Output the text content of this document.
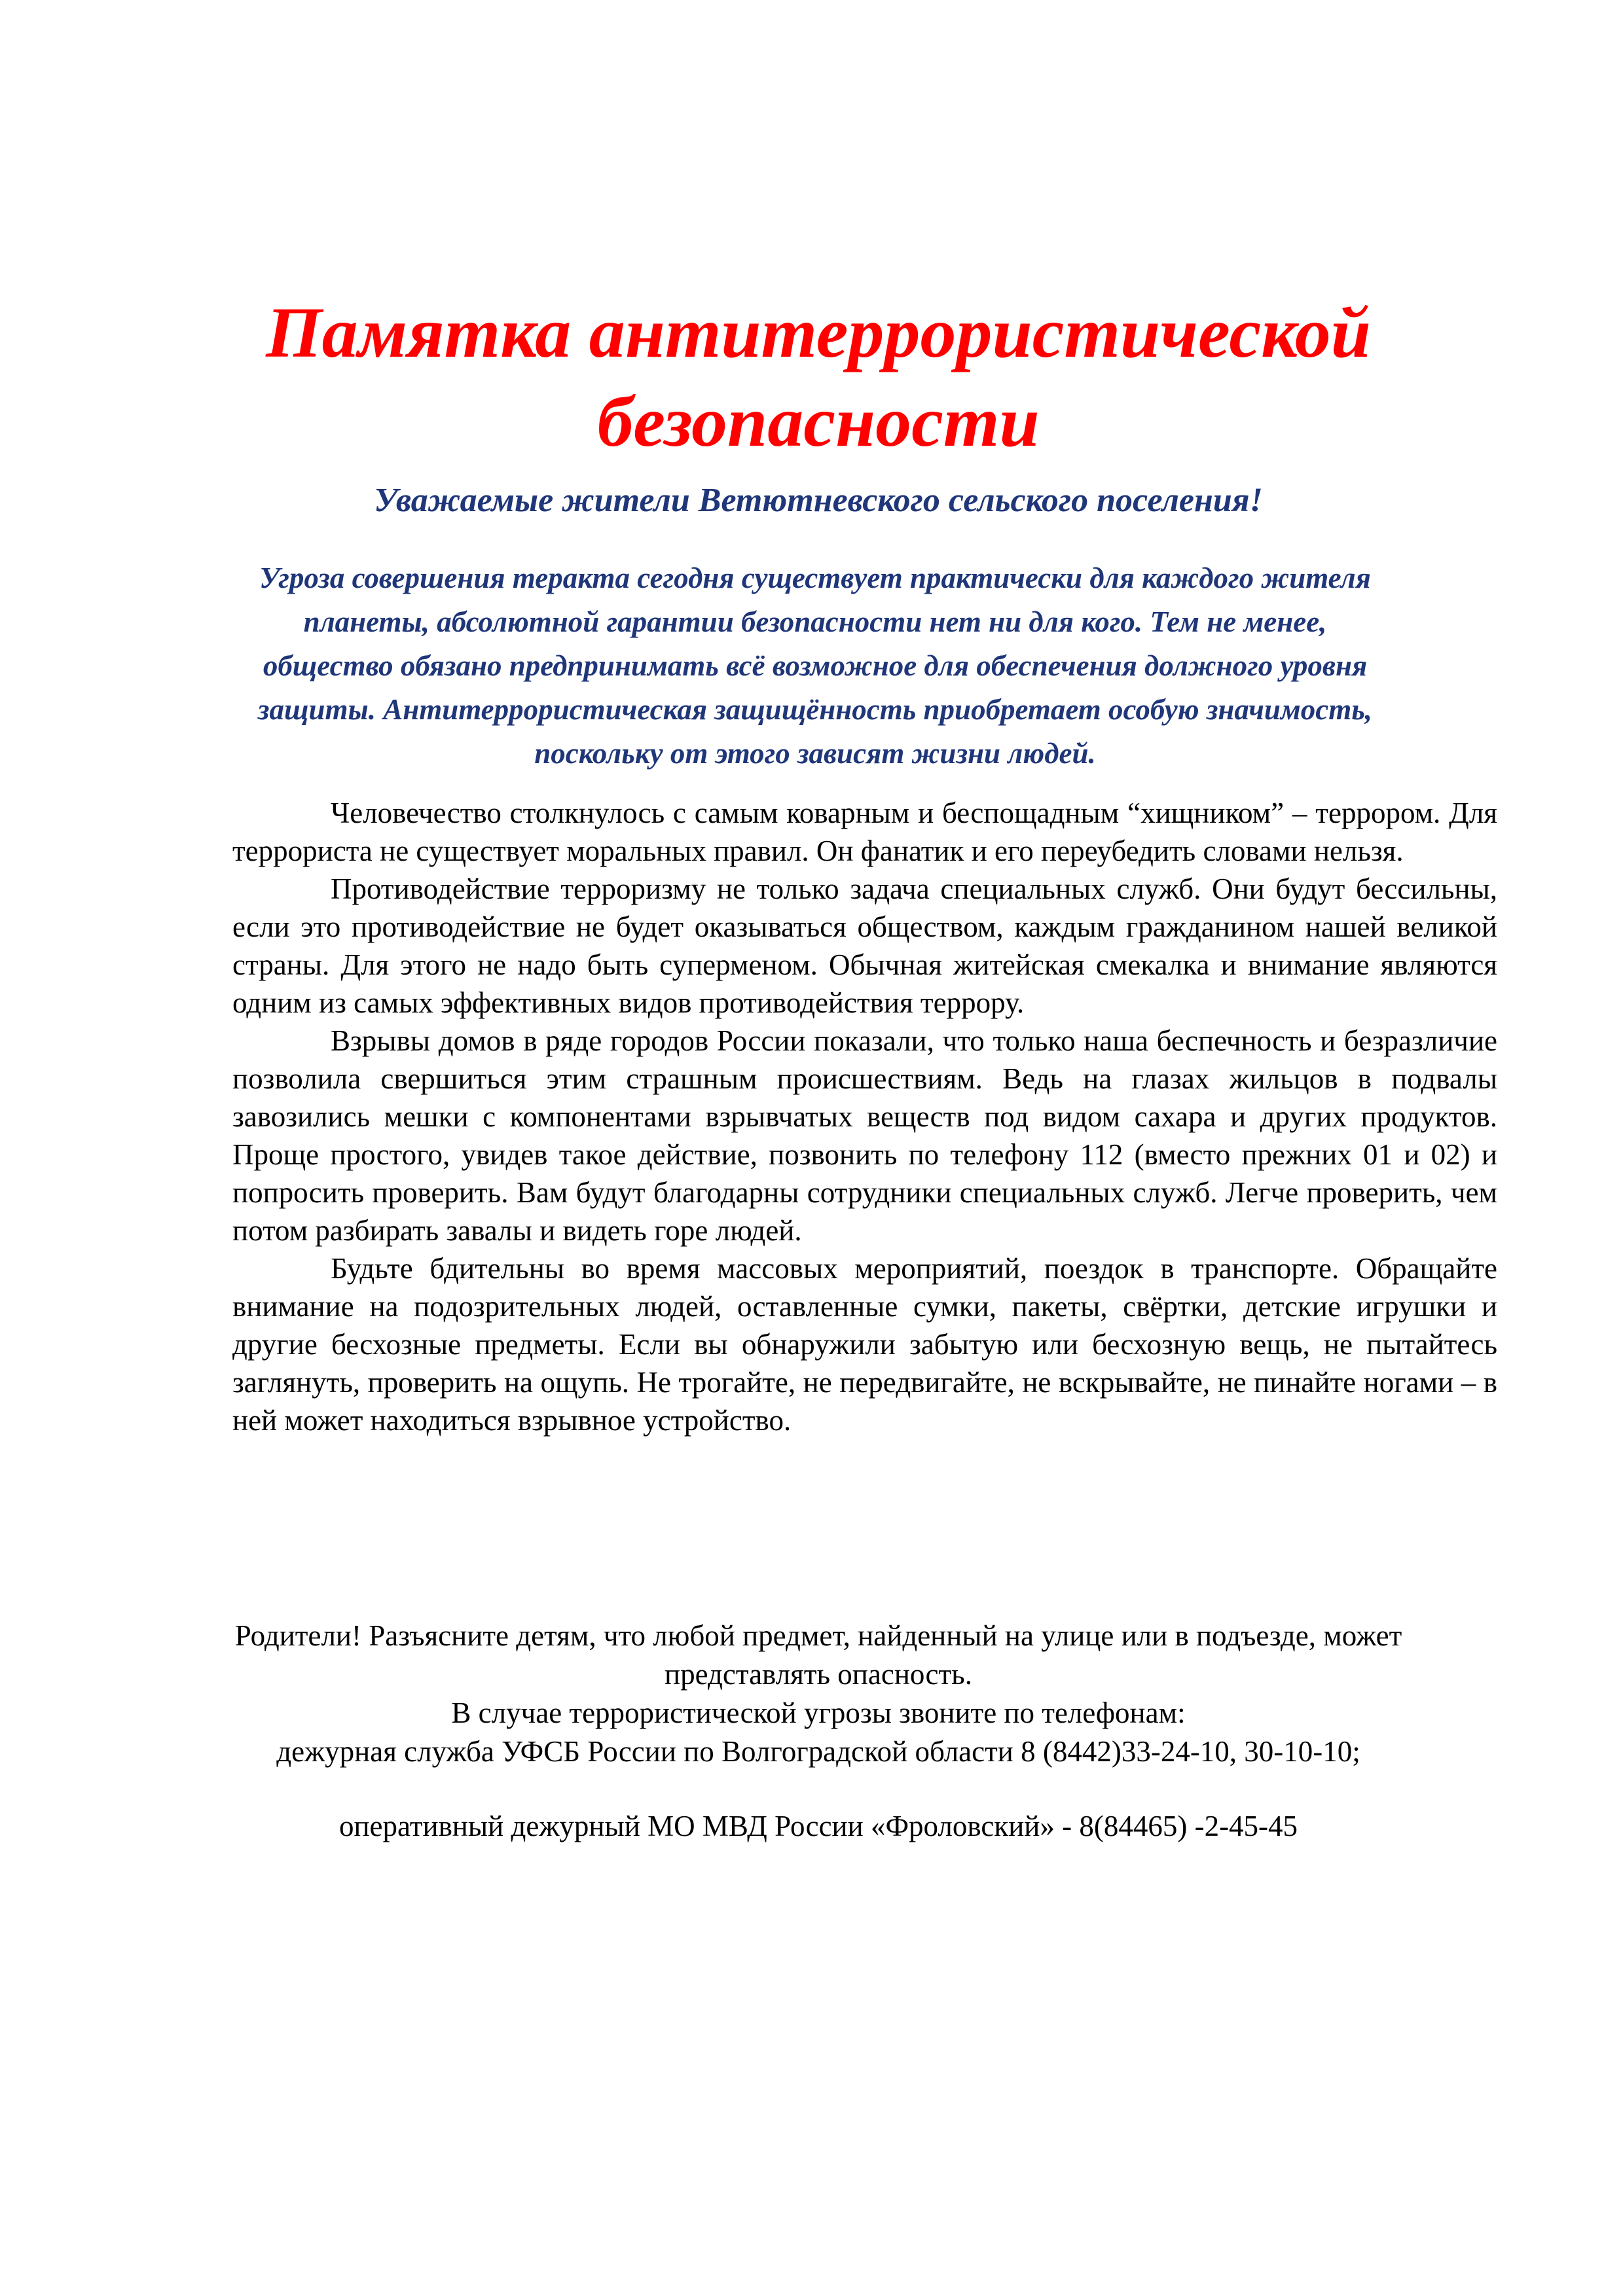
Памятка антитеррористической безопасности
Уважаемые жители Ветютневского сельского поселения!

Угроза совершения теракта сегодня существует практически для каждого жителя планеты, абсолютной гарантии безопасности нет ни для кого. Тем не менее, общество обязано предпринимать всё возможное для обеспечения должного уровня защиты. Антитеррористическая защищённость приобретает особую значимость, поскольку от этого зависят жизни людей.

Человечество столкнулось с самым коварным и беспощадным “хищником” – террором. Для террориста не существует моральных правил. Он фанатик и его переубедить словами нельзя.

Противодействие терроризму не только задача специальных служб. Они будут бессильны, если это противодействие не будет оказываться обществом, каждым гражданином нашей великой страны. Для этого не надо быть суперменом. Обычная житейская смекалка и внимание являются одним из самых эффективных видов противодействия террору.

Взрывы домов в ряде городов России показали, что только наша беспечность и безразличие позволила свершиться этим страшным происшествиям. Ведь на глазах жильцов в подвалы завозились мешки с компонентами взрывчатых веществ под видом сахара и других продуктов. Проще простого, увидев такое действие, позвонить по телефону 112 (вместо прежних 01 и 02) и попросить проверить. Вам будут благодарны сотрудники специальных служб. Легче проверить, чем потом разбирать завалы и видеть горе людей.

Будьте бдительны во время массовых мероприятий, поездок в транспорте. Обращайте внимание на подозрительных людей, оставленные сумки, пакеты, свёртки, детские игрушки и другие бесхозные предметы. Если вы обнаружили забытую или бесхозную вещь, не пытайтесь заглянуть, проверить на ощупь. Не трогайте, не передвигайте, не вскрывайте, не пинайте ногами – в ней может находиться взрывное устройство.

Родители! Разъясните детям, что любой предмет, найденный на улице или в подъезде, может представлять опасность.

В случае террористической угрозы звоните по телефонам:

дежурная служба УФСБ России по Волгоградской области 8 (8442)33-24-10, 30-10-10;

оперативный дежурный МО МВД России «Фроловский» - 8(84465) -2-45-45
